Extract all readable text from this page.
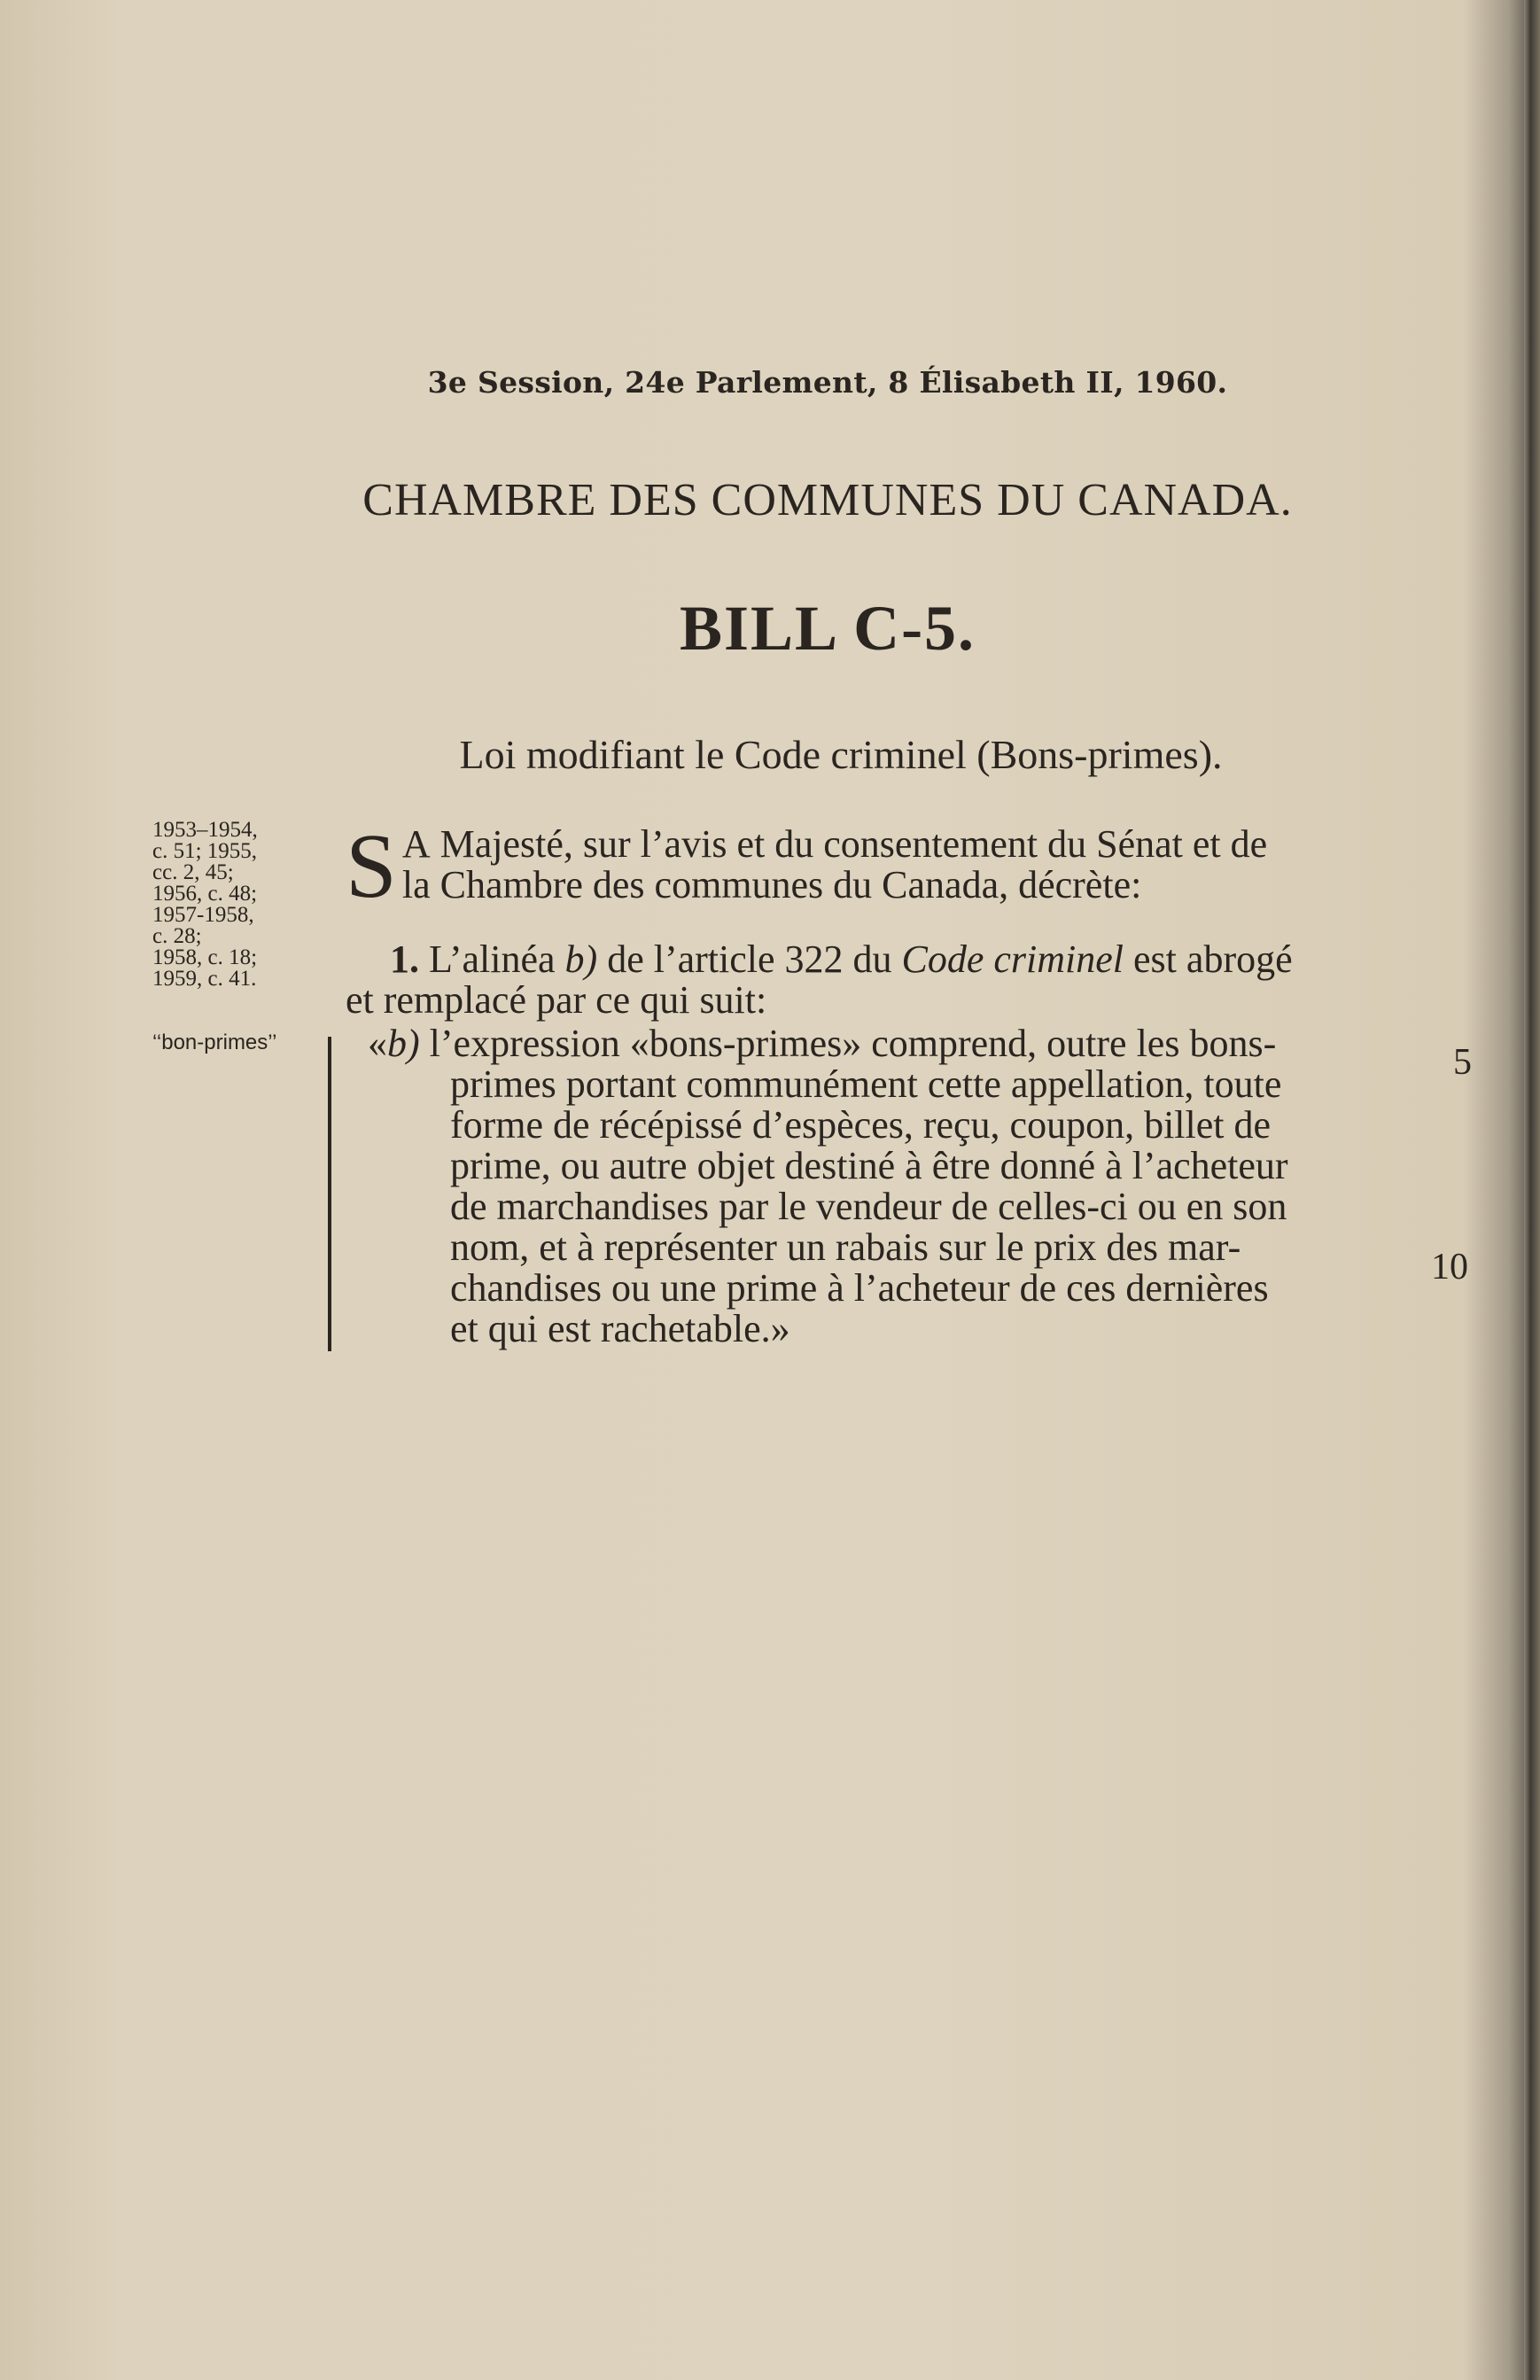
3e Session, 24e Parlement, 8 Élisabeth II, 1960.
CHAMBRE DES COMMUNES DU CANADA.
BILL C-5.
Loi modifiant le Code criminel (Bons-primes).
1953–1954,
c. 51; 1955,
cc. 2, 45;
1956, c. 48;
1957-1958,
c. 28;
1958, c. 18;
1959, c. 41.
‘‘bon-primes’’
S A Majesté, sur l’avis et du consentement du Sénat et de
la Chambre des communes du Canada, décrète:
1. L’alinéa b) de l’article 322 du Code criminel est abrogé
et remplacé par ce qui suit:
«b) l’expression «bons-primes» comprend, outre les bons-
primes portant communément cette appellation, toute
forme de récépissé d’espèces, reçu, coupon, billet de
prime, ou autre objet destiné à être donné à l’acheteur
de marchandises par le vendeur de celles-ci ou en son
nom, et à représenter un rabais sur le prix des mar-
chandises ou une prime à l’acheteur de ces dernières
et qui est rachetable.»
5
10
